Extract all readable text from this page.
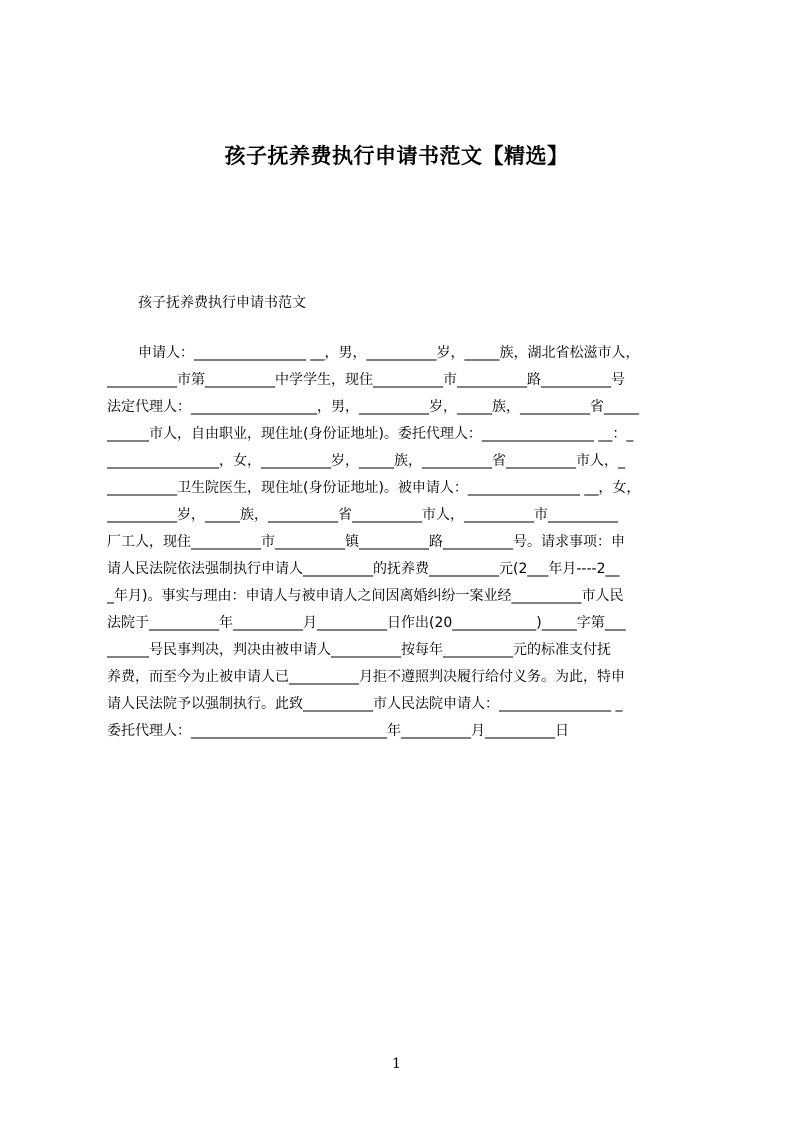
孩子抚养费执行申请书范文【精选】

孩子抚养费执行申请书范文

申请人：________________ __，男，__________岁，_____族，湖北省松滋市人，
__________市第__________中学学生，现住__________市__________路__________号
法定代理人：__________________，男，__________岁，_____族，__________省_____
______市人，自由职业，现住址(身份证地址)。委托代理人：________________ __：_
________________，女，__________岁，_____族，__________省__________市人，_
__________卫生院医生，现住址(身份证地址)。被申请人：________________ __，女，
__________岁，_____族，__________省__________市人，__________市__________
厂工人，现住__________市__________镇__________路__________号。请求事项：申
请人民法院依法强制执行申请人__________的抚养费__________元(2___年月----2__
_年月)。事实与理由：申请人与被申请人之间因离婚纠纷一案业经__________市人民
法院于__________年__________月__________日作出(20____________)_____字第___
______号民事判决，判决由被申请人__________按每年__________元的标准支付抚
养费，而至今为止被申请人已__________月拒不遵照判决履行给付义务。为此，特申
请人民法院予以强制执行。此致__________市人民法院申请人：________________ _
委托代理人：____________________________年__________月__________日
1
